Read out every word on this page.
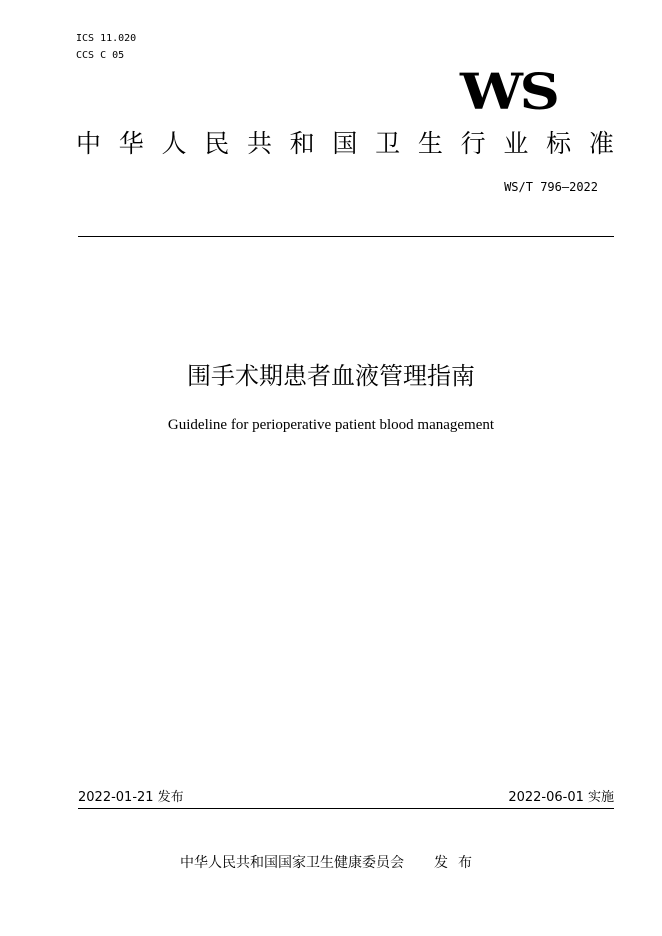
ICS 11.020
CCS C 05
WS
中 华 人 民 共 和 国 卫 生 行 业 标 准
WS/T 796—2022
围手术期患者血液管理指南
Guideline for perioperative patient blood management
2022-01-21 发布	2022-06-01 实施
中华人民共和国国家卫生健康委员会 发布
